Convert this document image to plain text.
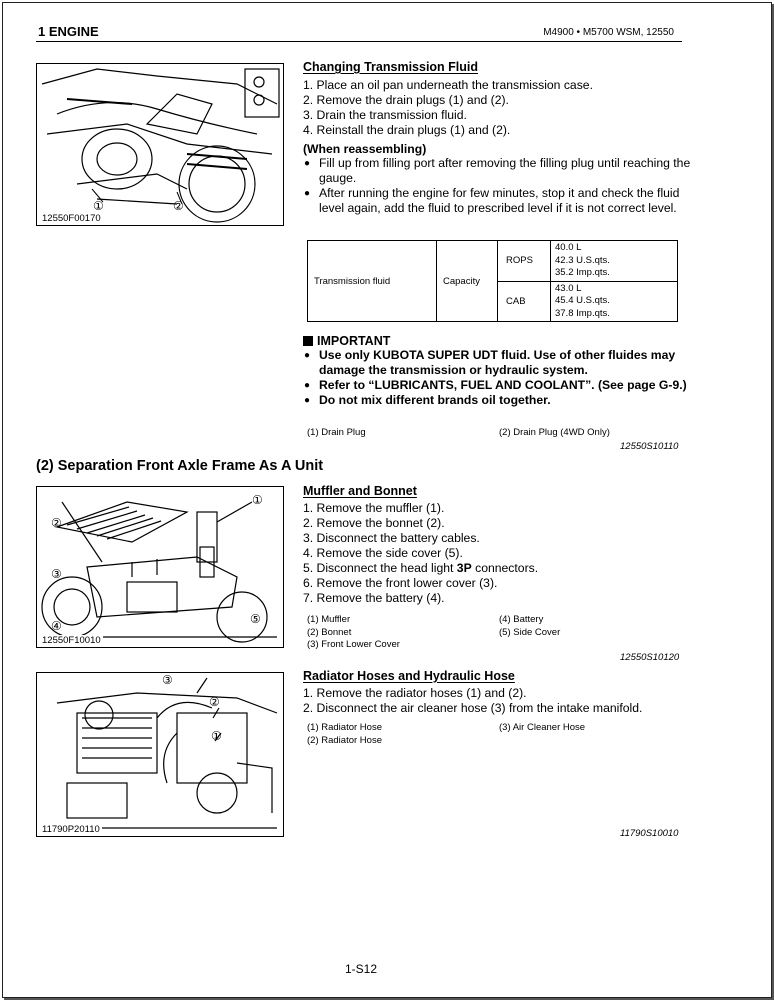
1 ENGINE	M4900 • M5700 WSM, 12550
①	②
12550F00170
Changing Transmission Fluid
1. Place an oil pan underneath the transmission case.
2. Remove the drain plugs (1) and (2).
3. Drain the transmission fluid.
4. Reinstall the drain plugs (1) and (2).
(When reassembling)
● Fill up from filling port after removing the filling plug until reaching the gauge.
● After running the engine for few minutes, stop it and check the fluid level again, add the fluid to prescribed level if it is not correct level.
Transmission fluid	Capacity	ROPS	40.0 L
42.3 U.S.qts.
35.2 Imp.qts.

		CAB	43.0 L
45.4 U.S.qts.
37.8 Imp.qts.
IMPORTANT
● Use only KUBOTA SUPER UDT fluid. Use of other fluides may damage the transmission or hydraulic system.
● Refer to “LUBRICANTS, FUEL AND COOLANT”. (See page G-9.)
● Do not mix different brands oil together.
(1) Drain Plug	(2) Drain Plug (4WD Only)
12550S10110
(2) Separation Front Axle Frame As A Unit
①
②
③
④	⑤
12550F10010
Muffler and Bonnet
1. Remove the muffler (1).
2. Remove the bonnet (2).
3. Disconnect the battery cables.
4. Remove the side cover (5).
5. Disconnect the head light 3P connectors.
6. Remove the front lower cover (3).
7. Remove the battery (4).
(1) Muffler
(2) Bonnet
(3) Front Lower Cover
(4) Battery
(5) Side Cover
12550S10120
③
②
①
11790P20110
Radiator Hoses and Hydraulic Hose
1. Remove the radiator hoses (1) and (2).
2. Disconnect the air cleaner hose (3) from the intake manifold.
(1) Radiator Hose
(2) Radiator Hose
(3) Air Cleaner Hose
11790S10010
1-S12
